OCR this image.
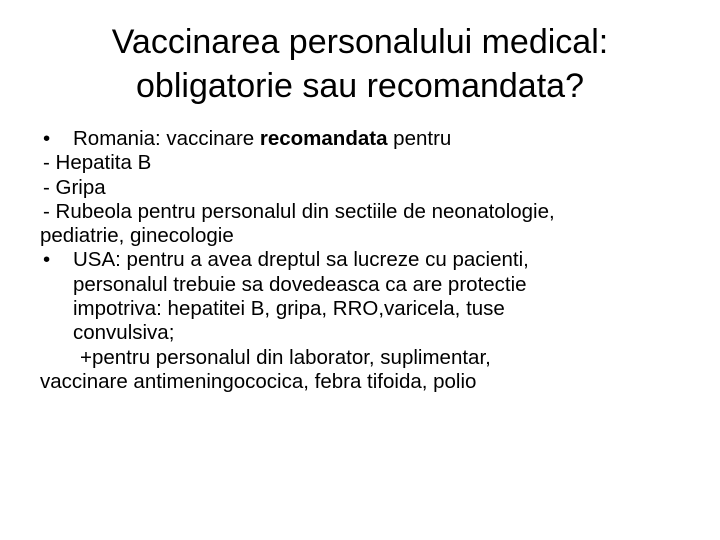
Vaccinarea personalului medical:
obligatorie sau recomandata?
• Romania: vaccinare recomandata pentru
- Hepatita B
- Gripa
- Rubeola pentru personalul din sectiile de neonatologie,
pediatrie, ginecologie
• USA: pentru a avea dreptul sa lucreze cu pacienti,
personalul trebuie sa dovedeasca ca are protectie
impotriva: hepatitei B, gripa, RRO,varicela, tuse
convulsiva;
+pentru personalul din laborator, suplimentar,
vaccinare antimeningococica, febra tifoida, polio
